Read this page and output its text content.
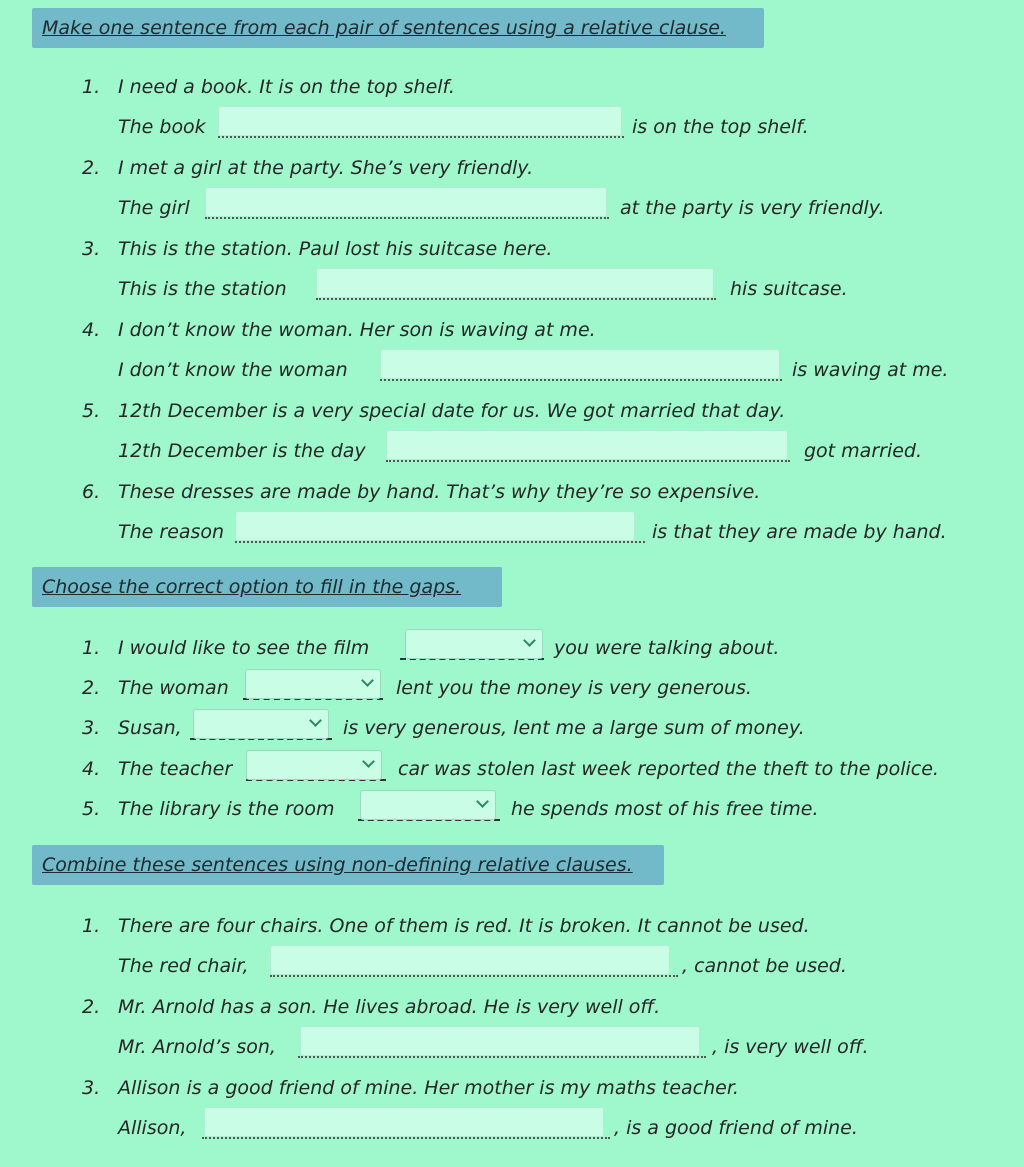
Make one sentence from each pair of sentences using a relative clause.
1. I need a book. It is on the top shelf.
The book	is on the top shelf.
2. I met a girl at the party. She’s very friendly.
The girl	at the party is very friendly.
3. This is the station. Paul lost his suitcase here.
This is the station	his suitcase.
4. I don’t know the woman. Her son is waving at me.
I don’t know the woman	is waving at me.
5. 12th December is a very special date for us. We got married that day.
12th December is the day	got married.
6. These dresses are made by hand. That’s why they’re so expensive.
The reason	is that they are made by hand.
Choose the correct option to fill in the gaps.
1. I would like to see the film	you were talking about.
2. The woman	lent you the money is very generous.
3. Susan,	is very generous, lent me a large sum of money.
4. The teacher	car was stolen last week reported the theft to the police.
5. The library is the room	he spends most of his free time.
Combine these sentences using non-defining relative clauses.
1. There are four chairs. One of them is red. It is broken. It cannot be used.
The red chair,	, cannot be used.
2. Mr. Arnold has a son. He lives abroad. He is very well off.
Mr. Arnold’s son,	, is very well off.
3. Allison is a good friend of mine. Her mother is my maths teacher.
Allison,	, is a good friend of mine.
